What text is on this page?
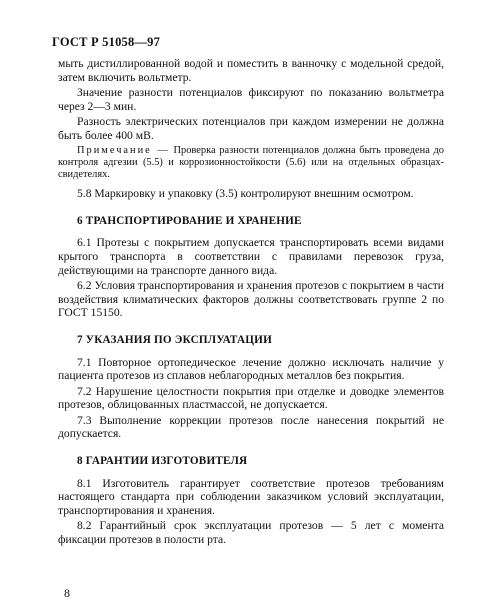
ГОСТ Р 51058—97

мыть дистиллированной водой и поместить в ванночку с модельной средой, затем включить вольтметр.

Значение разности потенциалов фиксируют по показанию вольтметра через 2—3 мин.

Разность электрических потенциалов при каждом измерении не должна быть более 400 мВ.

Примечание — Проверка разности потенциалов должна быть проведена до контроля адгезии (5.5) и коррозионностойкости (5.6) или на отдельных образцах-свидетелях.

5.8 Маркировку и упаковку (3.5) контролируют внешним осмотром.

6 ТРАНСПОРТИРОВАНИЕ И ХРАНЕНИЕ

6.1 Протезы с покрытием допускается транспортировать всеми видами крытого транспорта в соответствии с правилами перевозок груза, действующими на транспорте данного вида.

6.2 Условия транспортирования и хранения протезов с покрытием в части воздействия климатических факторов должны соответствовать группе 2 по ГОСТ 15150.

7 УКАЗАНИЯ ПО ЭКСПЛУАТАЦИИ

7.1 Повторное ортопедическое лечение должно исключать наличие у пациента протезов из сплавов неблагородных металлов без покрытия.

7.2 Нарушение целостности покрытия при отделке и доводке элементов протезов, облицованных пластмассой, не допускается.

7.3 Выполнение коррекции протезов после нанесения покрытий не допускается.

8 ГАРАНТИИ ИЗГОТОВИТЕЛЯ

8.1 Изготовитель гарантирует соответствие протезов требованиям настоящего стандарта при соблюдении заказчиком условий эксплуатации, транспортирования и хранения.

8.2 Гарантийный срок эксплуатации протезов — 5 лет с момента фиксации протезов в полости рта.

8
